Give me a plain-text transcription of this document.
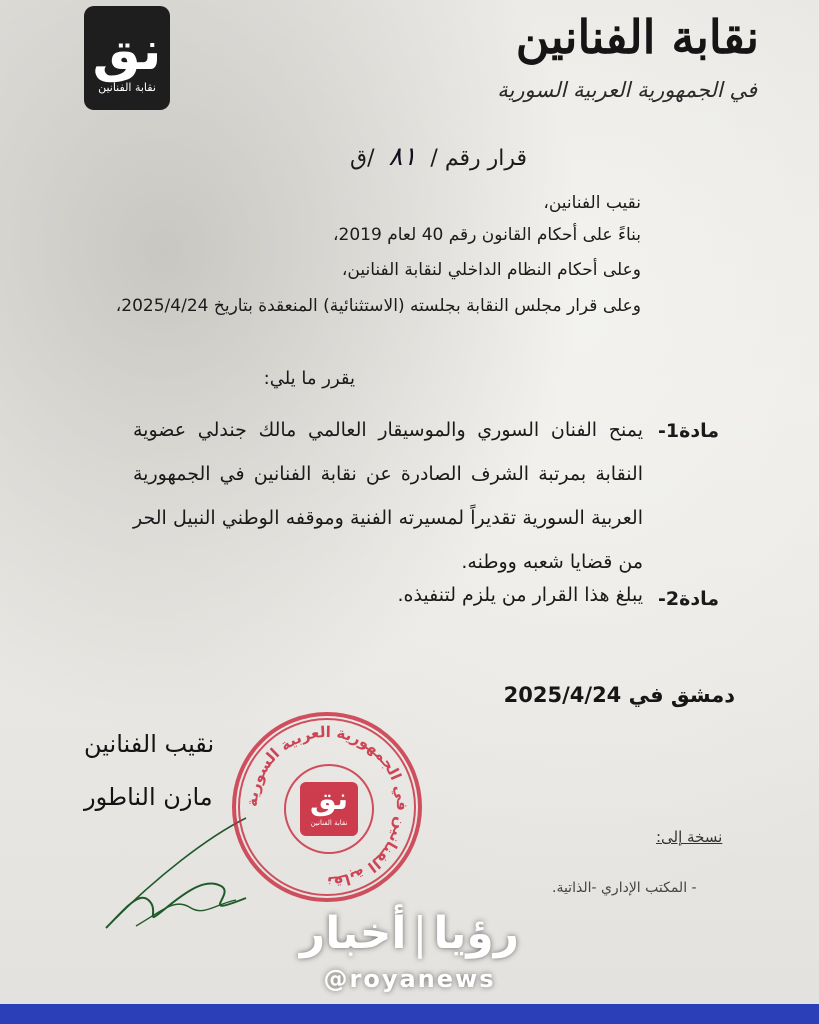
نق
نقابة الفنانين
نقابة الفنانين
في الجمهورية العربية السورية
قرار رقم /٨١/ق
نقيب الفنانين،
بناءً على أحكام القانون رقم 40 لعام 2019،
وعلى أحكام النظام الداخلي لنقابة الفنانين،
وعلى قرار مجلس النقابة بجلسته (الاستثنائية) المنعقدة بتاريخ 2025/4/24،
يقرر ما يلي:
مادة1-
يمنح الفنان السوري والموسيقار العالمي مالك جندلي عضوية النقابة بمرتبة الشرف الصادرة عن نقابة الفنانين في الجمهورية العربية السورية تقديراً لمسيرته الفنية وموقفه الوطني النبيل الحر من قضايا شعبه ووطنه.
مادة2-
يبلغ هذا القرار من يلزم لتنفيذه.
دمشق في 2025/4/24
نقيب الفنانين
مازن الناطور نقابة الفنانين في الجمهورية العربية السورية
نق
نقابة الفنانين
نسخة إلى:
- المكتب الإداري -الذاتية.
رؤيا|أخبار
@royanews
